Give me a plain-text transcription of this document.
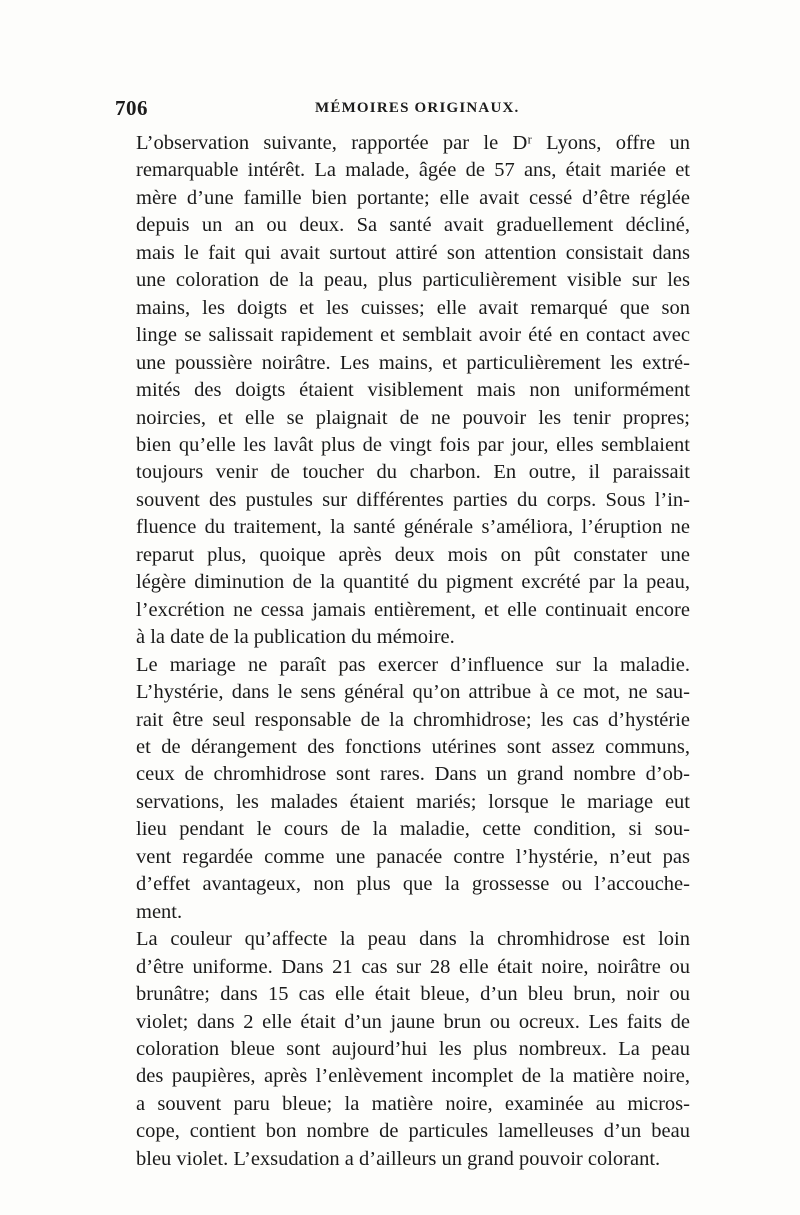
706	MÉMOIRES ORIGINAUX.
L’observation suivante, rapportée par le Dʳ Lyons, offre un
remarquable intérêt. La malade, âgée de 57 ans, était mariée et
mère d’une famille bien portante; elle avait cessé d’être réglée
depuis un an ou deux. Sa santé avait graduellement décliné,
mais le fait qui avait surtout attiré son attention consistait dans
une coloration de la peau, plus particulièrement visible sur les
mains, les doigts et les cuisses; elle avait remarqué que son
linge se salissait rapidement et semblait avoir été en contact avec
une poussière noirâtre. Les mains, et particulièrement les extré-
mités des doigts étaient visiblement mais non uniformément
noircies, et elle se plaignait de ne pouvoir les tenir propres;
bien qu’elle les lavât plus de vingt fois par jour, elles semblaient
toujours venir de toucher du charbon. En outre, il paraissait
souvent des pustules sur différentes parties du corps. Sous l’in-
fluence du traitement, la santé générale s’améliora, l’éruption ne
reparut plus, quoique après deux mois on pût constater une
légère diminution de la quantité du pigment excrété par la peau,
l’excrétion ne cessa jamais entièrement, et elle continuait encore
à la date de la publication du mémoire.
Le mariage ne paraît pas exercer d’influence sur la maladie.
L’hystérie, dans le sens général qu’on attribue à ce mot, ne sau-
rait être seul responsable de la chromhidrose; les cas d’hystérie
et de dérangement des fonctions utérines sont assez communs,
ceux de chromhidrose sont rares. Dans un grand nombre d’ob-
servations, les malades étaient mariés; lorsque le mariage eut
lieu pendant le cours de la maladie, cette condition, si sou-
vent regardée comme une panacée contre l’hystérie, n’eut pas
d’effet avantageux, non plus que la grossesse ou l’accouche-
ment.
La couleur qu’affecte la peau dans la chromhidrose est loin
d’être uniforme. Dans 21 cas sur 28 elle était noire, noirâtre ou
brunâtre; dans 15 cas elle était bleue, d’un bleu brun, noir ou
violet; dans 2 elle était d’un jaune brun ou ocreux. Les faits de
coloration bleue sont aujourd’hui les plus nombreux. La peau
des paupières, après l’enlèvement incomplet de la matière noire,
a souvent paru bleue; la matière noire, examinée au micros-
cope, contient bon nombre de particules lamelleuses d’un beau
bleu violet. L’exsudation a d’ailleurs un grand pouvoir colorant.
